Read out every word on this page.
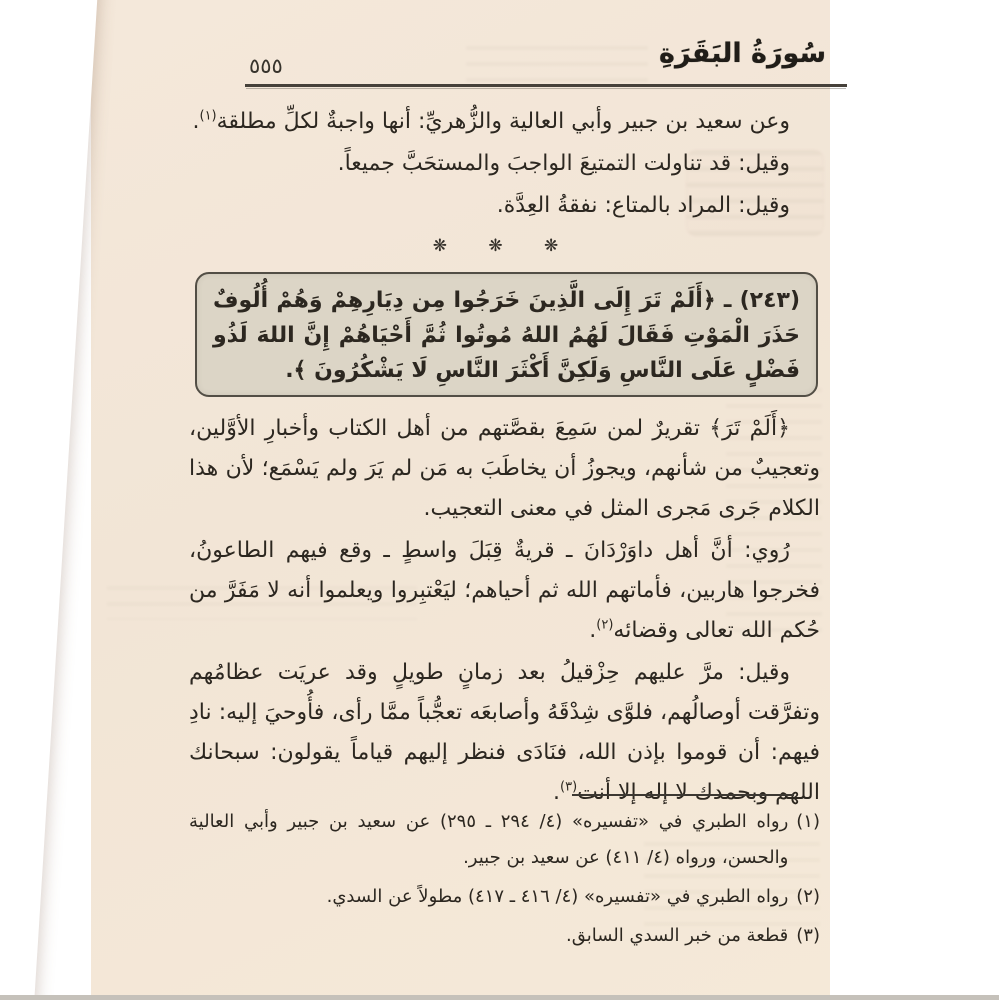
٥٥٥	سُورَةُ البَقَرَةِ

وعن سعيد بن جبير وأبي العالية والزُّهريِّ: أنها واجبةٌ لكلِّ مطلقة$^{(١)}$.

وقيل: قد تناولت التمتيعَ الواجبَ والمستحَبَّ جميعاً.

وقيل: المراد بالمتاع: نفقةُ العِدَّة.

❋ ❋ ❋
(٢٤٣) ـ ﴿أَلَمْ تَرَ إِلَى الَّذِينَ خَرَجُوا مِن دِيَارِهِمْ وَهُمْ أُلُوفٌ حَذَرَ الْمَوْتِ فَقَالَ لَهُمُ اللهُ مُوتُوا ثُمَّ أَحْيَاهُمْ إِنَّ اللهَ لَذُو فَضْلٍ عَلَى النَّاسِ وَلَكِنَّ أَكْثَرَ النَّاسِ لَا يَشْكُرُونَ ﴾.

﴿أَلَمْ تَرَ﴾ تقريرٌ لمن سَمِعَ بقصَّتهم من أهل الكتاب وأخبارِ الأوَّلين، وتعجيبٌ من شأنهم، ويجوزُ أن يخاطَبَ به مَن لم يَرَ ولم يَسْمَع؛ لأن هذا الكلام جَرى مَجرى المثل في معنى التعجيب.

رُوي: أنَّ أهل داوَرْدَانَ ـ قريةٌ قِبَلَ واسطٍ ـ وقع فيهم الطاعونُ، فخرجوا هاربين، فأماتهم الله ثم أحياهم؛ ليَعْتبِروا ويعلموا أنه لا مَفَرَّ من حُكم الله تعالى وقضائه$^{(٢)}$.

وقيل: مرَّ عليهم حِزْقيلُ بعد زمانٍ طويلٍ وقد عريَت عظامُهم وتفرَّقت أوصالُهم، فلوَّى شِدْقَهُ وأصابعَه تعجُّباً ممَّا رأى، فأُوحيَ إليه: نادِ فيهم: أن قوموا بإذن الله، فنَادَى فنظر إليهم قياماً يقولون: سبحانك اللهم وبحمدك لا إله إلا أنت$^{(٣)}$.

(١)
رواه الطبري في «تفسيره» (٤/ ٢٩٤ ـ ٢٩٥) عن سعيد بن جبير وأبي العالية والحسن، ورواه (٤/ ٤١١) عن سعيد بن جبير.
(٢)
رواه الطبري في «تفسيره» (٤/ ٤١٦ ـ ٤١٧) مطولاً عن السدي.
(٣)
قطعة من خبر السدي السابق.
